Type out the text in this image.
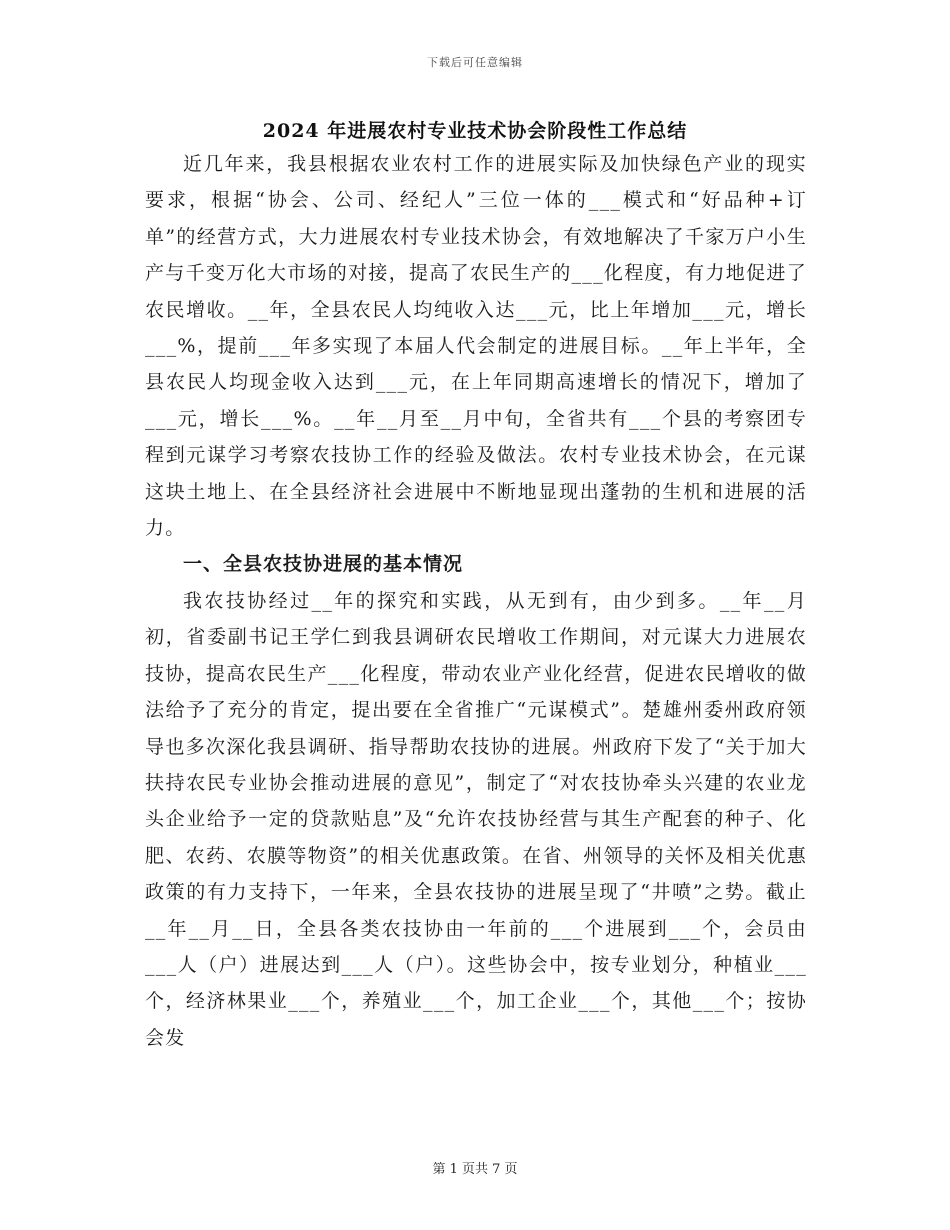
下载后可任意编辑
2024 年进展农村专业技术协会阶段性工作总结

近几年来，我县根据农业农村工作的进展实际及加快绿色产业的现实要求，根据“协会、公司、经纪人”三位一体的___模式和“好品种+订单”的经营方式，大力进展农村专业技术协会，有效地解决了千家万户小生产与千变万化大市场的对接，提高了农民生产的___化程度，有力地促进了农民增收。__年，全县农民人均纯收入达___元，比上年增加___元，增长___%，提前___年多实现了本届人代会制定的进展目标。__年上半年，全县农民人均现金收入达到___元，在上年同期高速增长的情况下，增加了___元，增长___%。__年__月至__月中旬，全省共有___个县的考察团专程到元谋学习考察农技协工作的经验及做法。农村专业技术协会，在元谋这块土地上、在全县经济社会进展中不断地显现出蓬勃的生机和进展的活力。

一、全县农技协进展的基本情况

我农技协经过__年的探究和实践，从无到有，由少到多。__年__月初，省委副书记王学仁到我县调研农民增收工作期间，对元谋大力进展农技协，提高农民生产___化程度，带动农业产业化经营，促进农民增收的做法给予了充分的肯定，提出要在全省推广“元谋模式”。楚雄州委州政府领导也多次深化我县调研、指导帮助农技协的进展。州政府下发了“关于加大扶持农民专业协会推动进展的意见”，制定了“对农技协牵头兴建的农业龙头企业给予一定的贷款贴息”及“允许农技协经营与其生产配套的种子、化肥、农药、农膜等物资”的相关优惠政策。在省、州领导的关怀及相关优惠政策的有力支持下，一年来，全县农技协的进展呈现了“井喷”之势。截止__年__月__日，全县各类农技协由一年前的___个进展到___个，会员由___人（户）进展达到___人（户）。这些协会中，按专业划分，种植业___个，经济林果业___个，养殖业___个，加工企业___个，其他___个；按协会发

第 1 页共 7 页
